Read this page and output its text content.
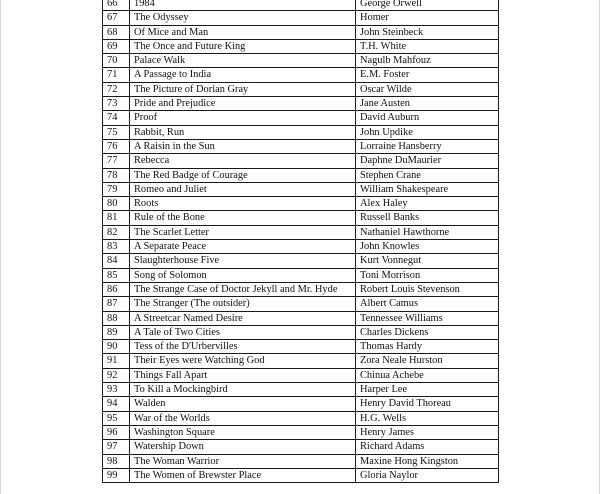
66	1984	George Orwell
67	The Odyssey	Homer
68	Of Mice and Man	John Steinbeck
69	The Once and Future King	T.H. White
70	Palace Walk	Nagulb Mahfouz
71	A Passage to India	E.M. Foster
72	The Picture of Dorian Gray	Oscar Wilde
73	Pride and Prejudice	Jane Austen
74	Proof	David Auburn
75	Rabbit, Run	John Updike
76	A Raisin in the Sun	Lorraine Hansberry
77	Rebecca	Daphne DuMaurier
78	The Red Badge of Courage	Stephen Crane
79	Romeo and Juliet	William Shakespeare
80	Roots	Alex Haley
81	Rule of the Bone	Russell Banks
82	The Scarlet Letter	Nathaniel Hawthorne
83	A Separate Peace	John Knowles
84	Slaughterhouse Five	Kurt Vonnegut
85	Song of Solomon	Toni Morrison
86	The Strange Case of Doctor Jekyll and Mr. Hyde	Robert Louis Stevenson
87	The Stranger (The outsider)	Albert Camus
88	A Streetcar Named Desire	Tennessee Williams
89	A Tale of Two Cities	Charles Dickens
90	Tess of the D'Urbervilles	Thomas Hardy
91	Their Eyes were Watching God	Zora Neale Hurston
92	Things Fall Apart	Chinua Achebe
93	To Kill a Mockingbird	Harper Lee
94	Walden	Henry David Thoreau
95	War of the Worlds	H.G. Wells
96	Washington Square	Henry James
97	Watership Down	Richard Adams
98	The Woman Warrior	Maxine Hong Kingston
99	The Women of Brewster Place	Gloria Naylor
